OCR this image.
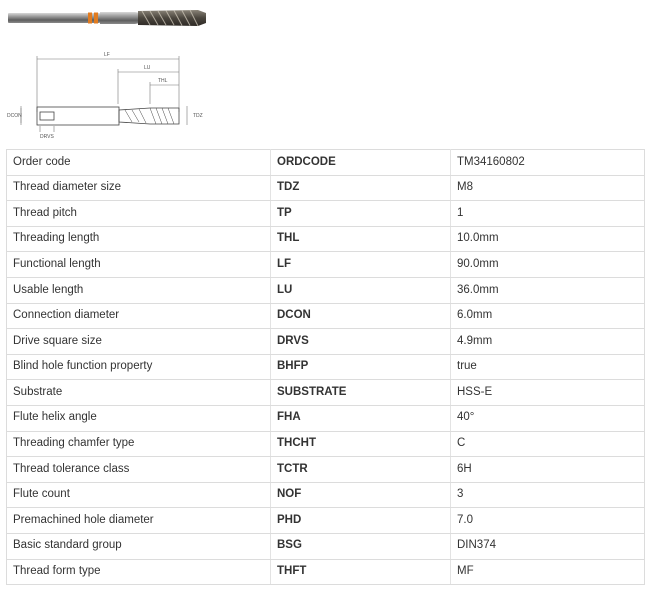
LF
LU
THL
DCON	TDZ
DRVS
Order code	ORDCODE	TM34160802
Thread diameter size	TDZ	M8
Thread pitch	TP	1
Threading length	THL	10.0mm
Functional length	LF	90.0mm
Usable length	LU	36.0mm
Connection diameter	DCON	6.0mm
Drive square size	DRVS	4.9mm
Blind hole function property	BHFP	true
Substrate	SUBSTRATE	HSS-E
Flute helix angle	FHA	40°
Threading chamfer type	THCHT	C
Thread tolerance class	TCTR	6H
Flute count	NOF	3
Premachined hole diameter	PHD	7.0
Basic standard group	BSG	DIN374
Thread form type	THFT	MF
